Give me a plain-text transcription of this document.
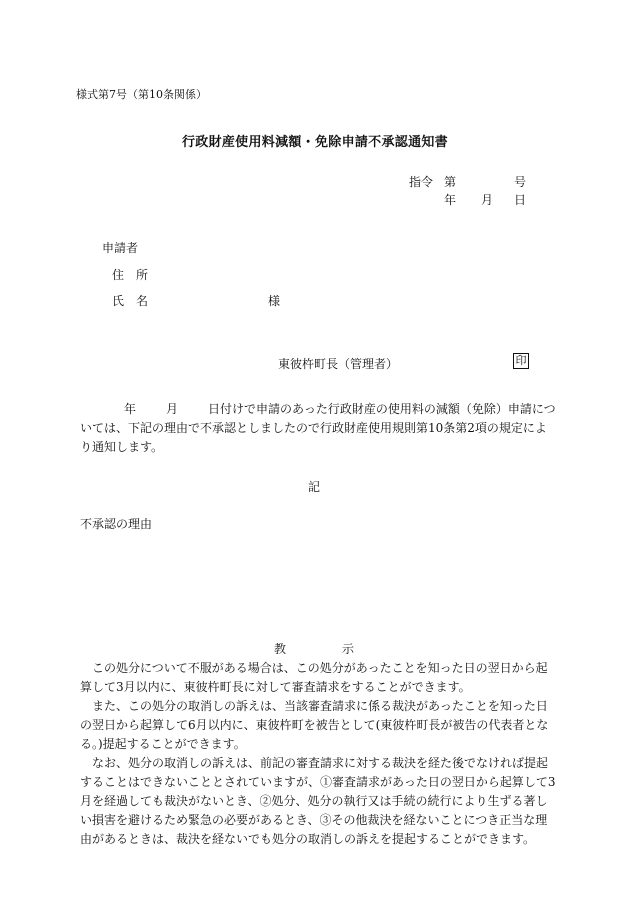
様式第7号（第10条関係）
行政財産使用料減額・免除申請不承認通知書
指令 第	号
年 月 日
申請者
住　所
氏　名	様
東彼杵町長（管理者）	印
年	月	日付けで申請のあった行政財産の使用料の減額（免除）申請については、下記の理由で不承認としましたので行政財産使用規則第10条第2項の規定により通知します。
記
不承認の理由
教	示

この処分について不服がある場合は、この処分があったことを知った日の翌日から起算して3月以内に、東彼杵町長に対して審査請求をすることができます。

また、この処分の取消しの訴えは、当該審査請求に係る裁決があったことを知った日の翌日から起算して6月以内に、東彼杵町を被告として(東彼杵町長が被告の代表者となる。)提起することができます。

なお、処分の取消しの訴えは、前記の審査請求に対する裁決を経た後でなければ提起することはできないこととされていますが、①審査請求があった日の翌日から起算して3月を経過しても裁決がないとき、②処分、処分の執行又は手続の続行により生ずる著しい損害を避けるため緊急の必要があるとき、③その他裁決を経ないことにつき正当な理由があるときは、裁決を経ないでも処分の取消しの訴えを提起することができます。
